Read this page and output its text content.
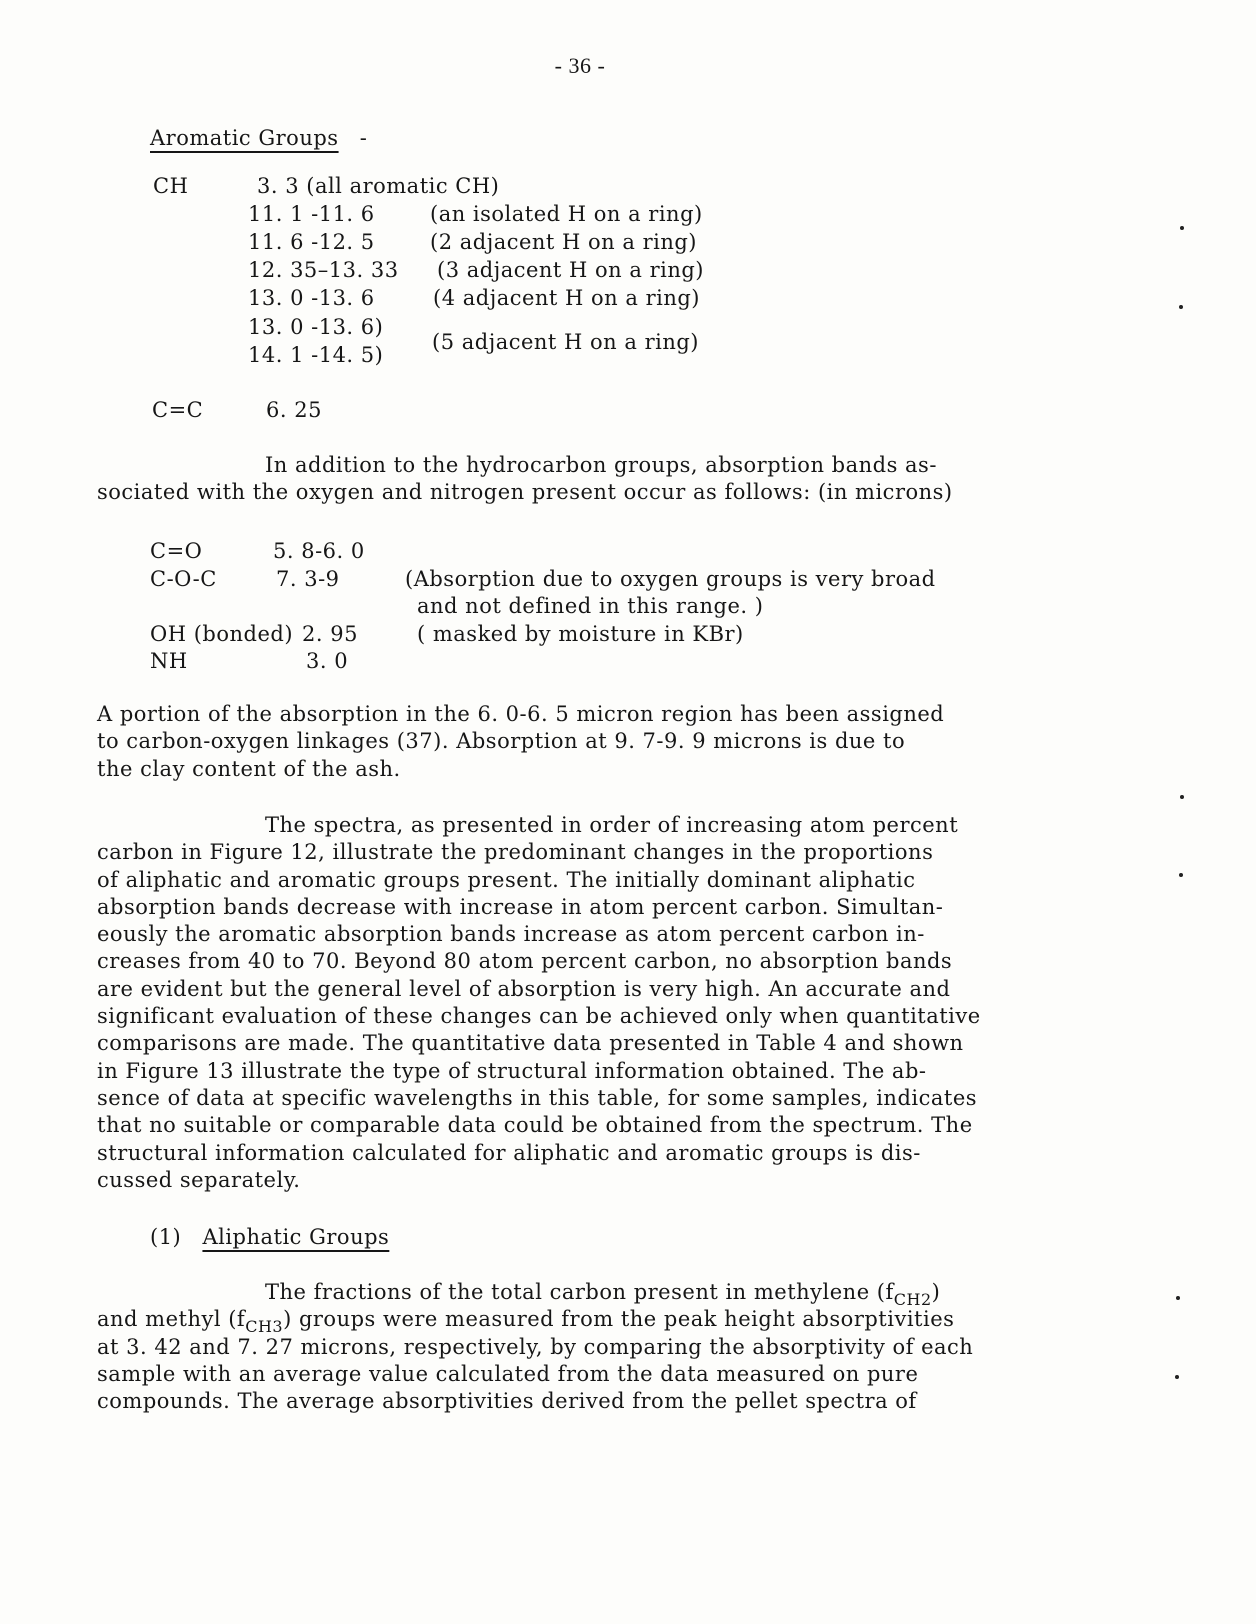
- 36 -
Aromatic Groups -
CH	3. 3 (all aromatic CH)
11. 1 -11. 6	(an isolated H on a ring)
11. 6 -12. 5	(2 adjacent H on a ring)
12. 35–13. 33 (3 adjacent H on a ring)
13. 0 -13. 6	(4 adjacent H on a ring)
13. 0 -13. 6)
14. 1 -14. 5)
(5 adjacent H on a ring)
C=C	6. 25
In addition to the hydrocarbon groups, absorption bands as-
sociated with the oxygen and nitrogen present occur as follows: (in microns)
C=O	5. 8-6. 0
C-O-C	7. 3-9	(Absorption due to oxygen groups is very broad
and not defined in this range. )
OH (bonded) 2. 95	( masked by moisture in KBr)
NH	3. 0
A portion of the absorption in the 6. 0-6. 5 micron region has been assigned
to carbon-oxygen linkages (37). Absorption at 9. 7-9. 9 microns is due to
the clay content of the ash.
The spectra, as presented in order of increasing atom percent
carbon in Figure 12, illustrate the predominant changes in the proportions
of aliphatic and aromatic groups present. The initially dominant aliphatic
absorption bands decrease with increase in atom percent carbon. Simultan-
eously the aromatic absorption bands increase as atom percent carbon in-
creases from 40 to 70. Beyond 80 atom percent carbon, no absorption bands
are evident but the general level of absorption is very high. An accurate and
significant evaluation of these changes can be achieved only when quantitative
comparisons are made. The quantitative data presented in Table 4 and shown
in Figure 13 illustrate the type of structural information obtained. The ab-
sence of data at specific wavelengths in this table, for some samples, indicates
that no suitable or comparable data could be obtained from the spectrum. The
structural information calculated for aliphatic and aromatic groups is dis-
cussed separately.
(1) Aliphatic Groups
The fractions of the total carbon present in methylene $(f_{CH2})$
and methyl $(f_{CH3})$ groups were measured from the peak height absorptivities
at 3. 42 and 7. 27 microns, respectively, by comparing the absorptivity of each
sample with an average value calculated from the data measured on pure
compounds. The average absorptivities derived from the pellet spectra of
